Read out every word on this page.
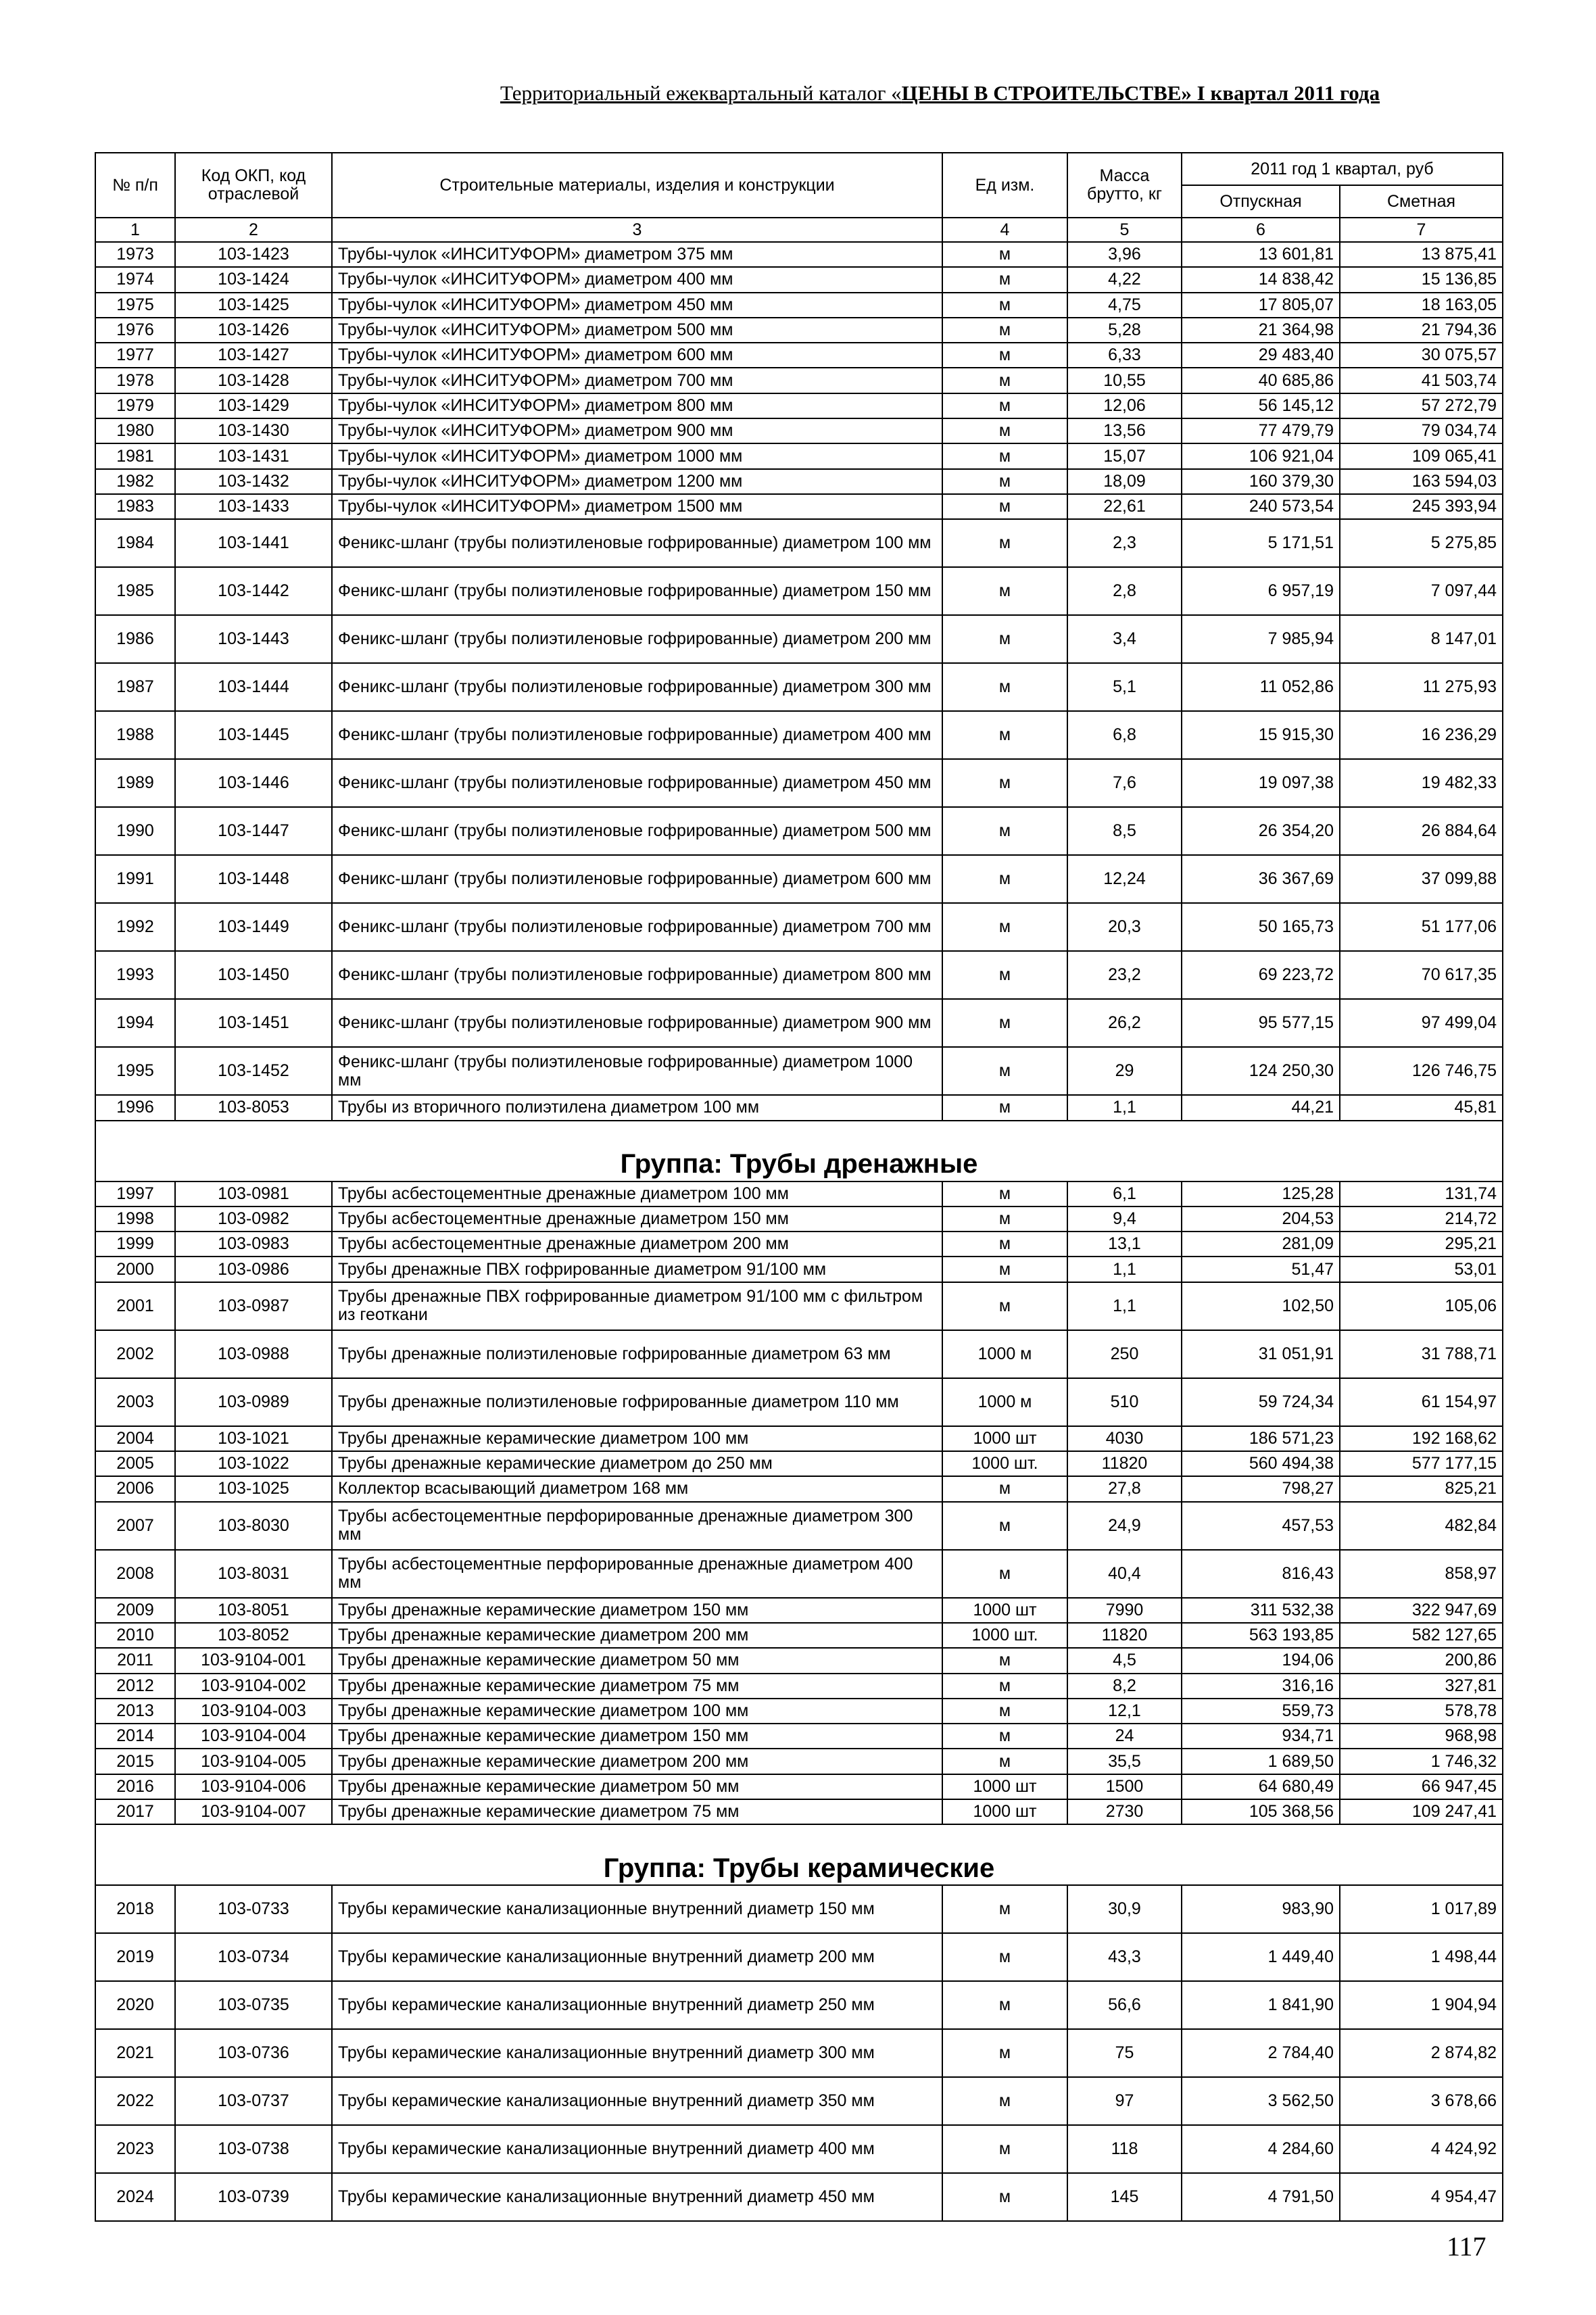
Территориальный ежеквартальный каталог «ЦЕНЫ В СТРОИТЕЛЬСТВЕ» I квартал 2011 года
№ п/п	Код ОКП, код отраслевой	Строительные материалы, изделия и конструкции	Ед изм.	Масса брутто, кг	2011 год 1 квартал, руб	
					Отпускная	Сметная
1	2	3	4	5	6	7
1973	103-1423	Трубы-чулок «ИНСИТУФОРМ» диаметром 375 мм	м	3,96	13 601,81	13 875,41
1974	103-1424	Трубы-чулок «ИНСИТУФОРМ» диаметром 400 мм	м	4,22	14 838,42	15 136,85
1975	103-1425	Трубы-чулок «ИНСИТУФОРМ» диаметром 450 мм	м	4,75	17 805,07	18 163,05
1976	103-1426	Трубы-чулок «ИНСИТУФОРМ» диаметром 500 мм	м	5,28	21 364,98	21 794,36
1977	103-1427	Трубы-чулок «ИНСИТУФОРМ» диаметром 600 мм	м	6,33	29 483,40	30 075,57
1978	103-1428	Трубы-чулок «ИНСИТУФОРМ» диаметром 700 мм	м	10,55	40 685,86	41 503,74
1979	103-1429	Трубы-чулок «ИНСИТУФОРМ» диаметром 800 мм	м	12,06	56 145,12	57 272,79
1980	103-1430	Трубы-чулок «ИНСИТУФОРМ» диаметром 900 мм	м	13,56	77 479,79	79 034,74
1981	103-1431	Трубы-чулок «ИНСИТУФОРМ» диаметром 1000 мм	м	15,07	106 921,04	109 065,41
1982	103-1432	Трубы-чулок «ИНСИТУФОРМ» диаметром 1200 мм	м	18,09	160 379,30	163 594,03
1983	103-1433	Трубы-чулок «ИНСИТУФОРМ» диаметром 1500 мм	м	22,61	240 573,54	245 393,94
1984	103-1441	Феникс-шланг (трубы полиэтиленовые гофрированные) диаметром 100 мм	м	2,3	5 171,51	5 275,85
1985	103-1442	Феникс-шланг (трубы полиэтиленовые гофрированные) диаметром 150 мм	м	2,8	6 957,19	7 097,44
1986	103-1443	Феникс-шланг (трубы полиэтиленовые гофрированные) диаметром 200 мм	м	3,4	7 985,94	8 147,01
1987	103-1444	Феникс-шланг (трубы полиэтиленовые гофрированные) диаметром 300 мм	м	5,1	11 052,86	11 275,93
1988	103-1445	Феникс-шланг (трубы полиэтиленовые гофрированные) диаметром 400 мм	м	6,8	15 915,30	16 236,29
1989	103-1446	Феникс-шланг (трубы полиэтиленовые гофрированные) диаметром 450 мм	м	7,6	19 097,38	19 482,33
1990	103-1447	Феникс-шланг (трубы полиэтиленовые гофрированные) диаметром 500 мм	м	8,5	26 354,20	26 884,64
1991	103-1448	Феникс-шланг (трубы полиэтиленовые гофрированные) диаметром 600 мм	м	12,24	36 367,69	37 099,88
1992	103-1449	Феникс-шланг (трубы полиэтиленовые гофрированные) диаметром 700 мм	м	20,3	50 165,73	51 177,06
1993	103-1450	Феникс-шланг (трубы полиэтиленовые гофрированные) диаметром 800 мм	м	23,2	69 223,72	70 617,35
1994	103-1451	Феникс-шланг (трубы полиэтиленовые гофрированные) диаметром 900 мм	м	26,2	95 577,15	97 499,04
1995	103-1452	Феникс-шланг (трубы полиэтиленовые гофрированные) диаметром 1000 мм	м	29	124 250,30	126 746,75
1996	103-8053	Трубы из вторичного полиэтилена диаметром 100 мм	м	1,1	44,21	45,81
Группа: Трубы дренажные						
1997	103-0981	Трубы асбестоцементные дренажные диаметром 100 мм	м	6,1	125,28	131,74
1998	103-0982	Трубы асбестоцементные дренажные диаметром 150 мм	м	9,4	204,53	214,72
1999	103-0983	Трубы асбестоцементные дренажные диаметром 200 мм	м	13,1	281,09	295,21
2000	103-0986	Трубы дренажные ПВХ гофрированные диаметром 91/100 мм	м	1,1	51,47	53,01
2001	103-0987	Трубы дренажные ПВХ гофрированные диаметром 91/100 мм с фильтром из геоткани	м	1,1	102,50	105,06
2002	103-0988	Трубы дренажные полиэтиленовые гофрированные диаметром 63 мм	1000 м	250	31 051,91	31 788,71
2003	103-0989	Трубы дренажные полиэтиленовые гофрированные диаметром 110 мм	1000 м	510	59 724,34	61 154,97
2004	103-1021	Трубы дренажные керамические диаметром 100 мм	1000 шт	4030	186 571,23	192 168,62
2005	103-1022	Трубы дренажные керамические диаметром до 250 мм	1000 шт.	11820	560 494,38	577 177,15
2006	103-1025	Коллектор всасывающий диаметром 168 мм	м	27,8	798,27	825,21
2007	103-8030	Трубы асбестоцементные перфорированные дренажные диаметром 300 мм	м	24,9	457,53	482,84
2008	103-8031	Трубы асбестоцементные перфорированные дренажные диаметром 400 мм	м	40,4	816,43	858,97
2009	103-8051	Трубы дренажные керамические диаметром 150 мм	1000 шт	7990	311 532,38	322 947,69
2010	103-8052	Трубы дренажные керамические диаметром 200 мм	1000 шт.	11820	563 193,85	582 127,65
2011	103-9104-001	Трубы дренажные керамические диаметром 50 мм	м	4,5	194,06	200,86
2012	103-9104-002	Трубы дренажные керамические диаметром 75 мм	м	8,2	316,16	327,81
2013	103-9104-003	Трубы дренажные керамические диаметром 100 мм	м	12,1	559,73	578,78
2014	103-9104-004	Трубы дренажные керамические диаметром 150 мм	м	24	934,71	968,98
2015	103-9104-005	Трубы дренажные керамические диаметром 200 мм	м	35,5	1 689,50	1 746,32
2016	103-9104-006	Трубы дренажные керамические диаметром 50 мм	1000 шт	1500	64 680,49	66 947,45
2017	103-9104-007	Трубы дренажные керамические диаметром 75 мм	1000 шт	2730	105 368,56	109 247,41
Группа: Трубы керамические						
2018	103-0733	Трубы керамические канализационные внутренний диаметр 150 мм	м	30,9	983,90	1 017,89
2019	103-0734	Трубы керамические канализационные внутренний диаметр 200 мм	м	43,3	1 449,40	1 498,44
2020	103-0735	Трубы керамические канализационные внутренний диаметр 250 мм	м	56,6	1 841,90	1 904,94
2021	103-0736	Трубы керамические канализационные внутренний диаметр 300 мм	м	75	2 784,40	2 874,82
2022	103-0737	Трубы керамические канализационные внутренний диаметр 350 мм	м	97	3 562,50	3 678,66
2023	103-0738	Трубы керамические канализационные внутренний диаметр 400 мм	м	118	4 284,60	4 424,92
2024	103-0739	Трубы керамические канализационные внутренний диаметр 450 мм	м	145	4 791,50	4 954,47
117
